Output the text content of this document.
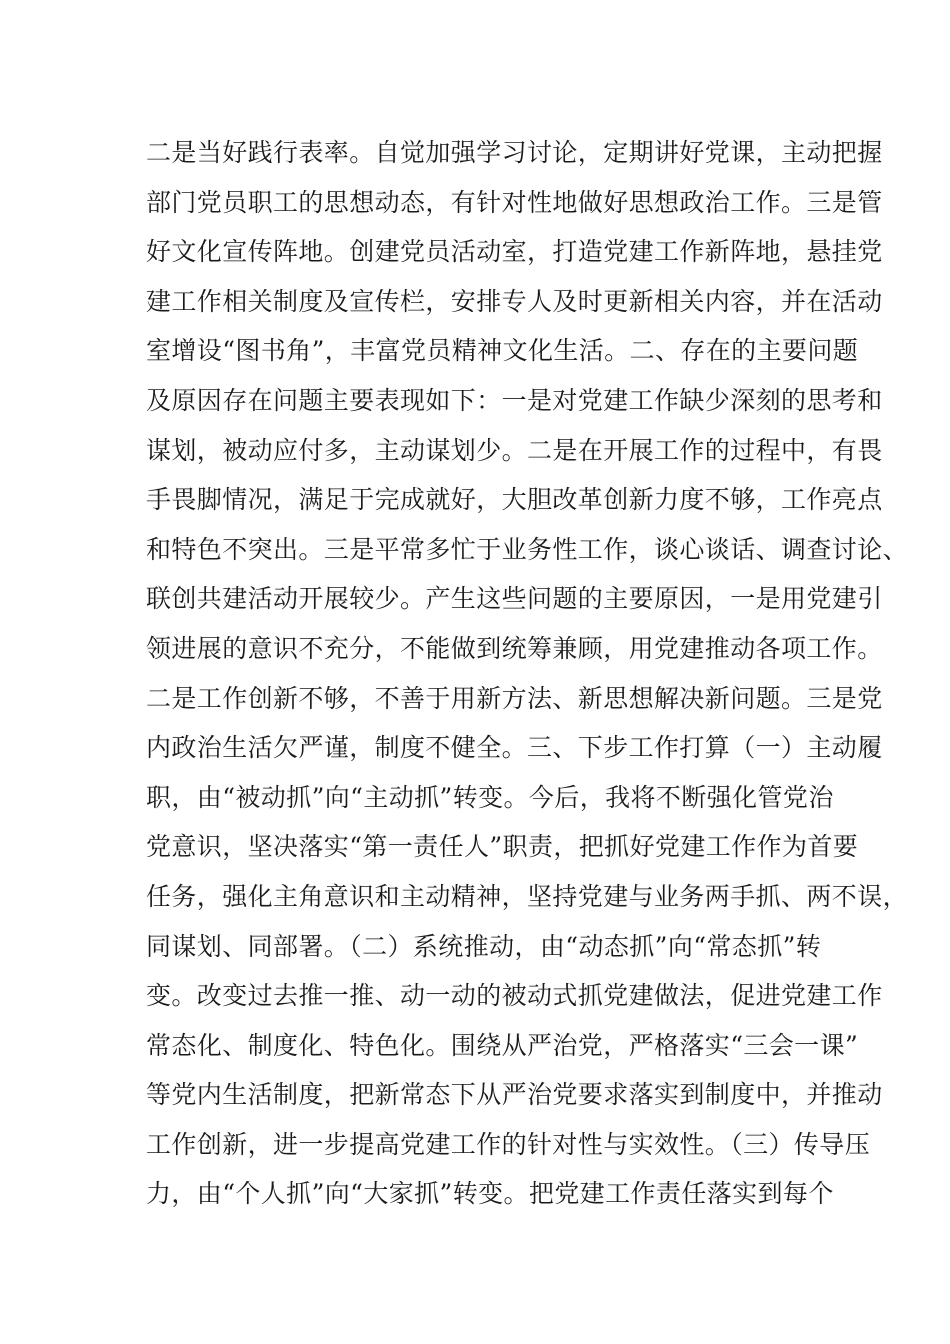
二是当好践行表率。自觉加强学习讨论，定期讲好党课，主动把握
部门党员职工的思想动态，有针对性地做好思想政治工作。三是管
好文化宣传阵地。创建党员活动室，打造党建工作新阵地，悬挂党
建工作相关制度及宣传栏，安排专人及时更新相关内容，并在活动
室增设“图书角”，丰富党员精神文化生活。二、存在的主要问题
及原因存在问题主要表现如下：一是对党建工作缺少深刻的思考和
谋划，被动应付多，主动谋划少。二是在开展工作的过程中，有畏
手畏脚情况，满足于完成就好，大胆改革创新力度不够，工作亮点
和特色不突出。三是平常多忙于业务性工作，谈心谈话、调查讨论、
联创共建活动开展较少。产生这些问题的主要原因，一是用党建引
领进展的意识不充分，不能做到统筹兼顾，用党建推动各项工作。
二是工作创新不够，不善于用新方法、新思想解决新问题。三是党
内政治生活欠严谨，制度不健全。三、下步工作打算（一）主动履
职，由“被动抓”向“主动抓”转变。今后，我将不断强化管党治
党意识，坚决落实“第一责任人”职责，把抓好党建工作作为首要
任务，强化主角意识和主动精神，坚持党建与业务两手抓、两不误，
同谋划、同部署。（二）系统推动，由“动态抓”向“常态抓”转
变。改变过去推一推、动一动的被动式抓党建做法，促进党建工作
常态化、制度化、特色化。围绕从严治党，严格落实“三会一课”
等党内生活制度，把新常态下从严治党要求落实到制度中，并推动
工作创新，进一步提高党建工作的针对性与实效性。（三）传导压
力，由“个人抓”向“大家抓”转变。把党建工作责任落实到每个
